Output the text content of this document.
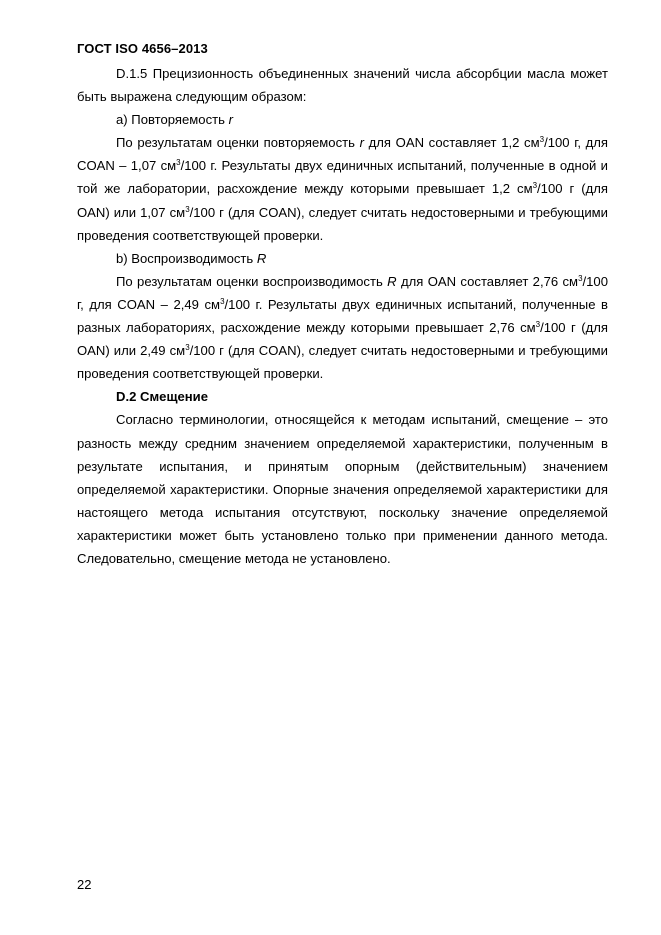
ГОСТ ISO 4656–2013

D.1.5 Прецизионность объединенных значений числа абсорбции масла может быть выражена следующим образом:

а) Повторяемость r

По результатам оценки повторяемость r для OAN составляет 1,2 $см^3/100$ г, для COAN – 1,07 $см^3/100$ г. Результаты двух единичных испытаний, полученные в одной и той же лаборатории, расхождение между которыми превышает 1,2 $см^3/100$ г (для OAN) или 1,07 $см^3/100$ г (для COAN), следует считать недостоверными и требующими проведения соответствующей проверки.

b) Воспроизводимость R

По результатам оценки воспроизводимость R для OAN составляет 2,76 $см^3/100$ г, для COAN – 2,49 $см^3/100$ г. Результаты двух единичных испытаний, полученные в разных лабораториях, расхождение между которыми превышает 2,76 $см^3/100$ г (для OAN) или 2,49 $см^3/100$ г (для COAN), следует считать недостоверными и требующими проведения соответствующей проверки.

D.2 Смещение

Согласно терминологии, относящейся к методам испытаний, смещение – это разность между средним значением определяемой характеристики, полученным в результате испытания, и принятым опорным (действительным) значением определяемой характеристики. Опорные значения определяемой характеристики для настоящего метода испытания отсутствуют, поскольку значение определяемой характеристики может быть установлено только при применении данного метода. Следовательно, смещение метода не установлено.

22
